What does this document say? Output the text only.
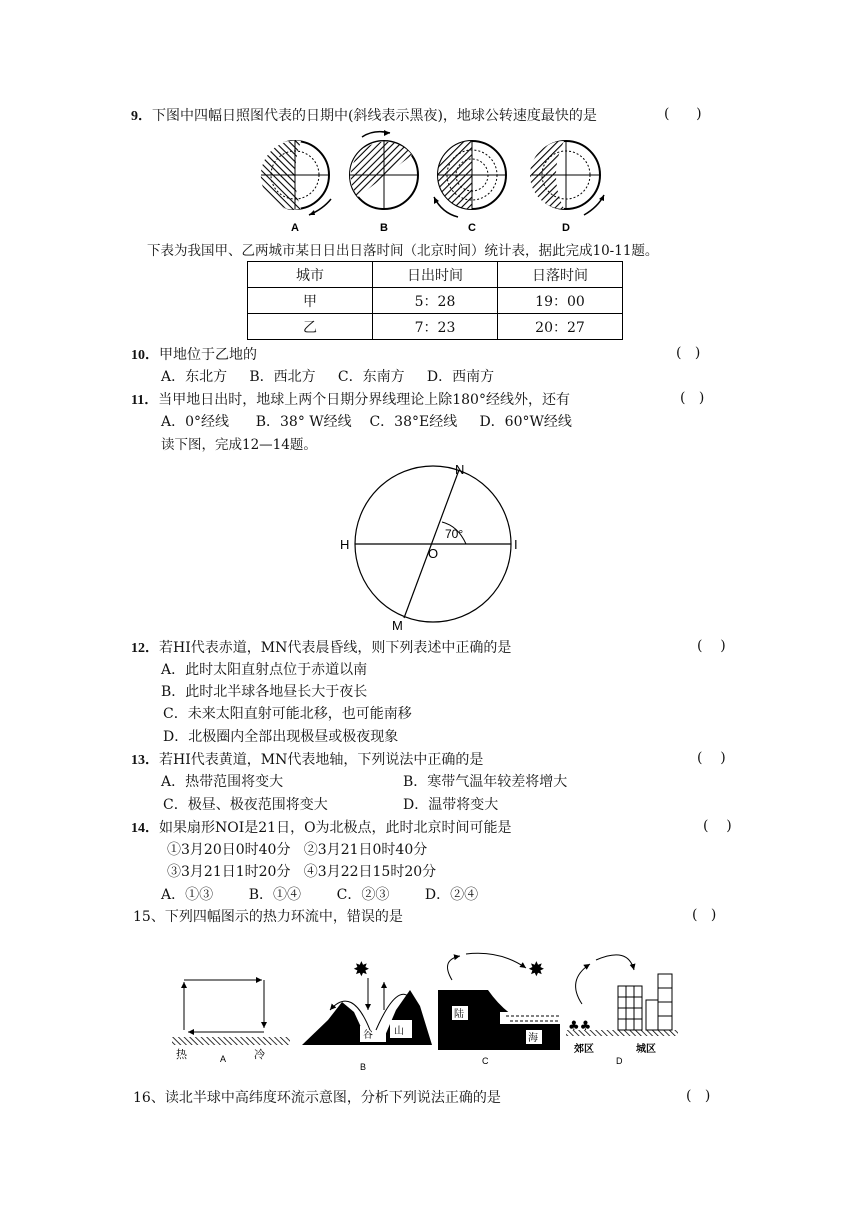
9．下图中四幅日照图代表的日期中(斜线表示黑夜)，地球公转速度最快的是	(      )
A	B	C	D
下表为我国甲、乙两城市某日日出日落时间（北京时间）统计表，据此完成10-11题。
城市	日出时间	日落时间
甲	5：28	19：00
乙	7：23	20：27
10．甲地位于乙地的	(   )
A．东北方     B．西北方     C．东南方     D．西南方
11．当甲地日出时，地球上两个日期分界线理论上除180°经线外，还有	(   )
A．0°经线      B．38° W经线    C．38°E经线     D．60°W经线
读下图，完成12—14题。
N
M
H	I
O
70°
12．若HI代表赤道，MN代表晨昏线，则下列表述中正确的是	(    )
A．此时太阳直射点位于赤道以南
B．此时北半球各地昼长大于夜长
C．未来太阳直射可能北移，也可能南移
D．北极圈内全部出现极昼或极夜现象
13．若HI代表黄道，MN代表地轴，下列说法中正确的是	(    )
A．热带范围将变大	B．寒带气温年较差将增大
C．极昼、极夜范围将变大	D．温带将变大
14．如果扇形NOI是21日，O为北极点，此时北京时间可能是	(    )
①3月20日0时40分   ②3月21日0时40分
③3月21日1时20分   ④3月22日15时20分
A．①③        B．①④        C．②③        D．②④
15、下列四幅图示的热力环流中，错误的是	(   )
热	冷
A
谷 山
✸
B
陆
海
✸
C
♣♣
郊区	城区
D
16、读北半球中高纬度环流示意图，分析下列说法正确的是	(   )
